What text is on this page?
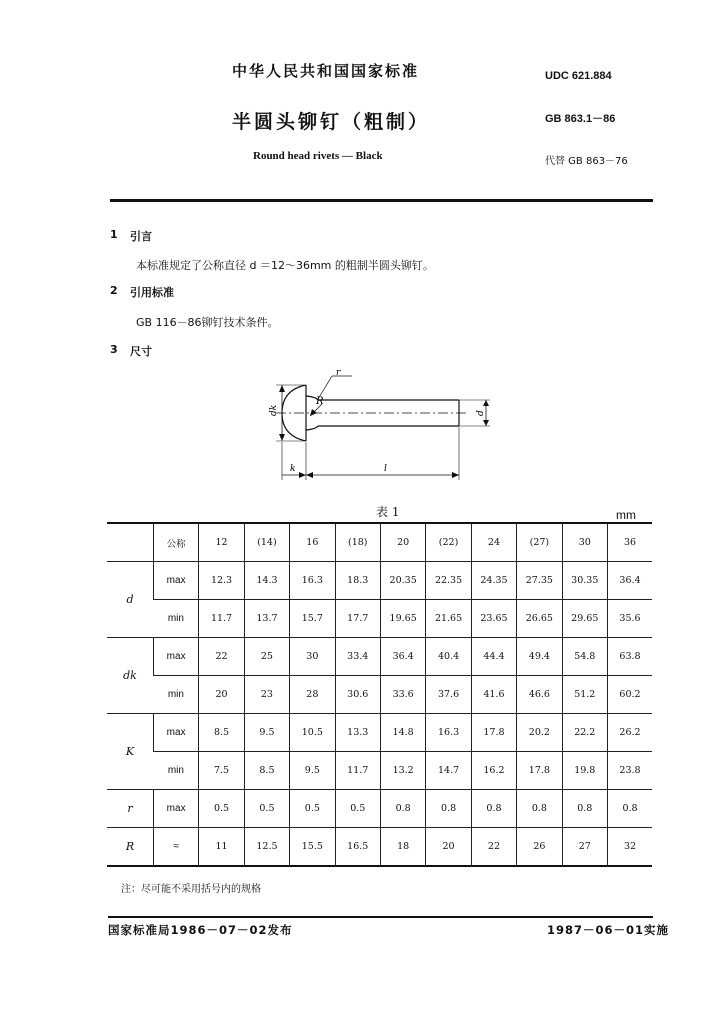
中华人民共和国国家标准	UDC 621.884
半圆头铆钉（粗制）	GB 863.1－86
Round head rivets — Black	代替 GB 863－76
1 引言
本标准规定了公称直径 d ＝12～36mm 的粗制半圆头铆钉。
2 引用标准
GB 116－86铆钉技术条件。
3 尺寸
r
R
dk	d
k	l
表 1	mm
	公称	12	(14)	16	(18)	20	(22)	24	(27)	30	36
d	max	12.3	14.3	16.3	18.3	20.35	22.35	24.35	27.35	30.35	36.4
	min	11.7	13.7	15.7	17.7	19.65	21.65	23.65	26.65	29.65	35.6
dk	max	22	25	30	33.4	36.4	40.4	44.4	49.4	54.8	63.8
	min	20	23	28	30.6	33.6	37.6	41.6	46.6	51.2	60.2
K	max	8.5	9.5	10.5	13.3	14.8	16.3	17.8	20.2	22.2	26.2
	min	7.5	8.5	9.5	11.7	13.2	14.7	16.2	17.8	19.8	23.8
r	max	0.5	0.5	0.5	0.5	0.8	0.8	0.8	0.8	0.8	0.8
R	≈	11	12.5	15.5	16.5	18	20	22	26	27	32
注：尽可能不采用括号内的规格
国家标准局1986－07－02发布	1987－06－01实施
